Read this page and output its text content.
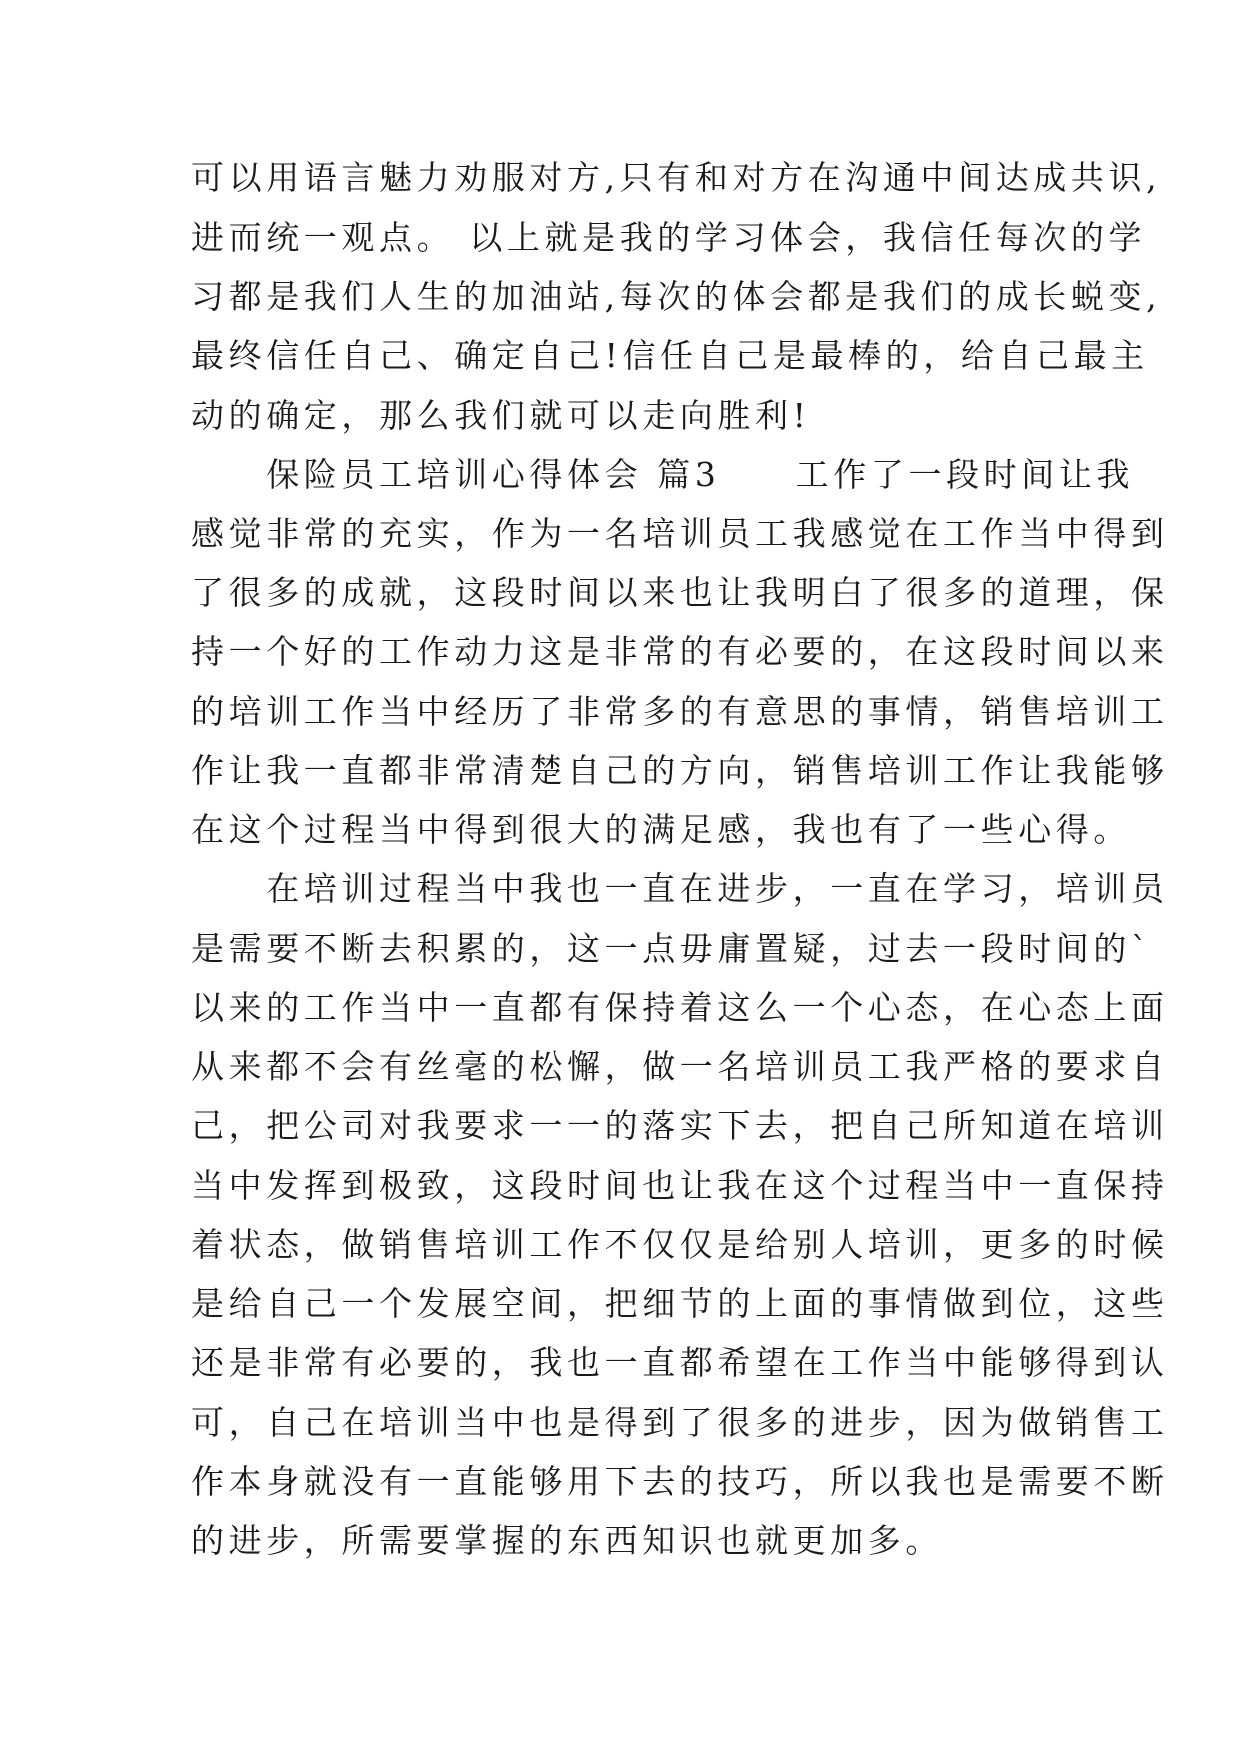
可以用语言魅力劝服对方,只有和对方在沟通中间达成共识,

进而统一观点。 以上就是我的学习体会，我信任每次的学

习都是我们人生的加油站,每次的体会都是我们的成长蜕变,

最终信任自己、确定自己!信任自己是最棒的，给自己最主

动的确定，那么我们就可以走向胜利!

　　保险员工培训心得体会 篇3　　工作了一段时间让我

感觉非常的充实，作为一名培训员工我感觉在工作当中得到

了很多的成就，这段时间以来也让我明白了很多的道理，保

持一个好的工作动力这是非常的有必要的，在这段时间以来

的培训工作当中经历了非常多的有意思的事情，销售培训工

作让我一直都非常清楚自己的方向，销售培训工作让我能够

在这个过程当中得到很大的满足感，我也有了一些心得。

　　在培训过程当中我也一直在进步，一直在学习，培训员

是需要不断去积累的，这一点毋庸置疑，过去一段时间的`

以来的工作当中一直都有保持着这么一个心态，在心态上面

从来都不会有丝毫的松懈，做一名培训员工我严格的要求自

己，把公司对我要求一一的落实下去，把自己所知道在培训

当中发挥到极致，这段时间也让我在这个过程当中一直保持

着状态，做销售培训工作不仅仅是给别人培训，更多的时候

是给自己一个发展空间，把细节的上面的事情做到位，这些

还是非常有必要的，我也一直都希望在工作当中能够得到认

可，自己在培训当中也是得到了很多的进步，因为做销售工

作本身就没有一直能够用下去的技巧，所以我也是需要不断

的进步，所需要掌握的东西知识也就更加多。
